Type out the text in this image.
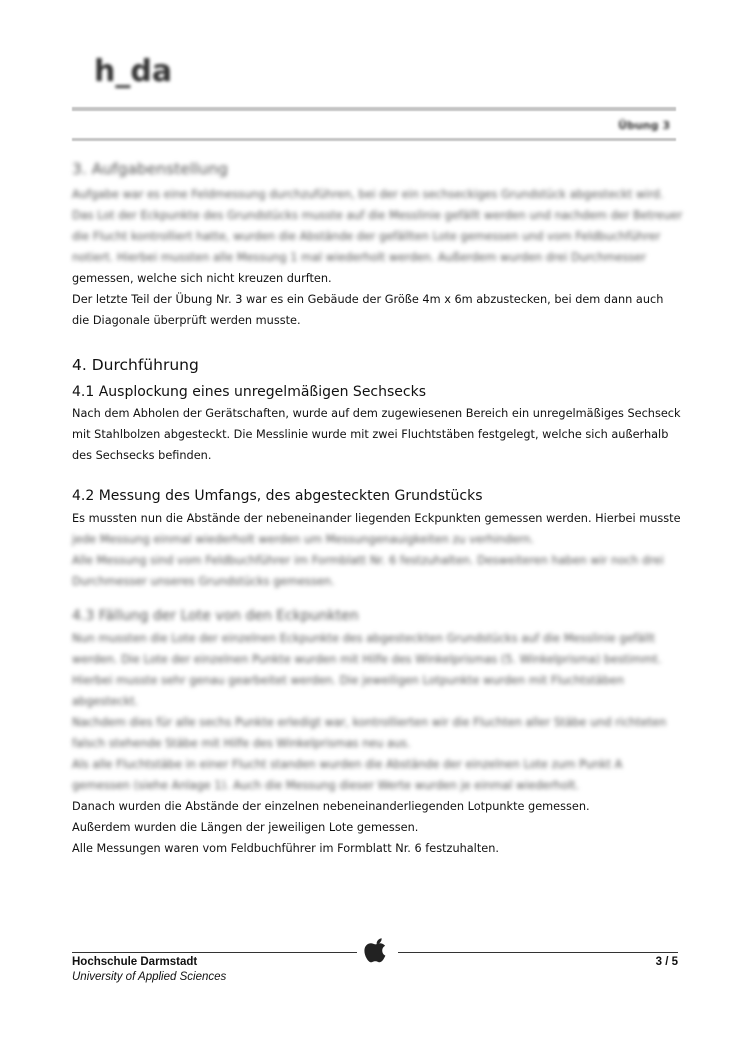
h_da
Übung 3
3. Aufgabenstellung
Aufgabe war es eine Feldmessung durchzuführen, bei der ein sechseckiges Grundstück abgesteckt wird.
Das Lot der Eckpunkte des Grundstücks musste auf die Messlinie gefällt werden und nachdem der Betreuer
die Flucht kontrolliert hatte, wurden die Abstände der gefällten Lote gemessen und vom Feldbuchführer
notiert. Hierbei mussten alle Messung 1 mal wiederholt werden. Außerdem wurden drei Durchmesser
gemessen, welche sich nicht kreuzen durften.
Der letzte Teil der Übung Nr. 3 war es ein Gebäude der Größe 4m x 6m abzustecken, bei dem dann auch
die Diagonale überprüft werden musste.
4. Durchführung
4.1 Ausplockung eines unregelmäßigen Sechsecks
Nach dem Abholen der Gerätschaften, wurde auf dem zugewiesenen Bereich ein unregelmäßiges Sechseck
mit Stahlbolzen abgesteckt. Die Messlinie wurde mit zwei Fluchtstäben festgelegt, welche sich außerhalb
des Sechsecks befinden.
4.2 Messung des Umfangs, des abgesteckten Grundstücks
Es mussten nun die Abstände der nebeneinander liegenden Eckpunkten gemessen werden. Hierbei musste
jede Messung einmal wiederholt werden um Messungenauigkeiten zu verhindern.
Alle Messung sind vom Feldbuchführer im Formblatt Nr. 6 festzuhalten. Desweiteren haben wir noch drei
Durchmesser unseres Grundstücks gemessen.
4.3 Fällung der Lote von den Eckpunkten
Nun mussten die Lote der einzelnen Eckpunkte des abgesteckten Grundstücks auf die Messlinie gefällt
werden. Die Lote der einzelnen Punkte wurden mit Hilfe des Winkelprismas (5. Winkelprisma) bestimmt.
Hierbei musste sehr genau gearbeitet werden. Die jeweiligen Lotpunkte wurden mit Fluchtstäben
abgesteckt.
Nachdem dies für alle sechs Punkte erledigt war, kontrollierten wir die Fluchten aller Stäbe und richteten
falsch stehende Stäbe mit Hilfe des Winkelprismas neu aus.
Als alle Fluchtstäbe in einer Flucht standen wurden die Abstände der einzelnen Lote zum Punkt A
gemessen (siehe Anlage 1). Auch die Messung dieser Werte wurden je einmal wiederholt.
Danach wurden die Abstände der einzelnen nebeneinanderliegenden Lotpunkte gemessen.
Außerdem wurden die Längen der jeweiligen Lote gemessen.
Alle Messungen waren vom Feldbuchführer im Formblatt Nr. 6 festzuhalten.
Hochschule Darmstadt
University of Applied Sciences
3 / 5
